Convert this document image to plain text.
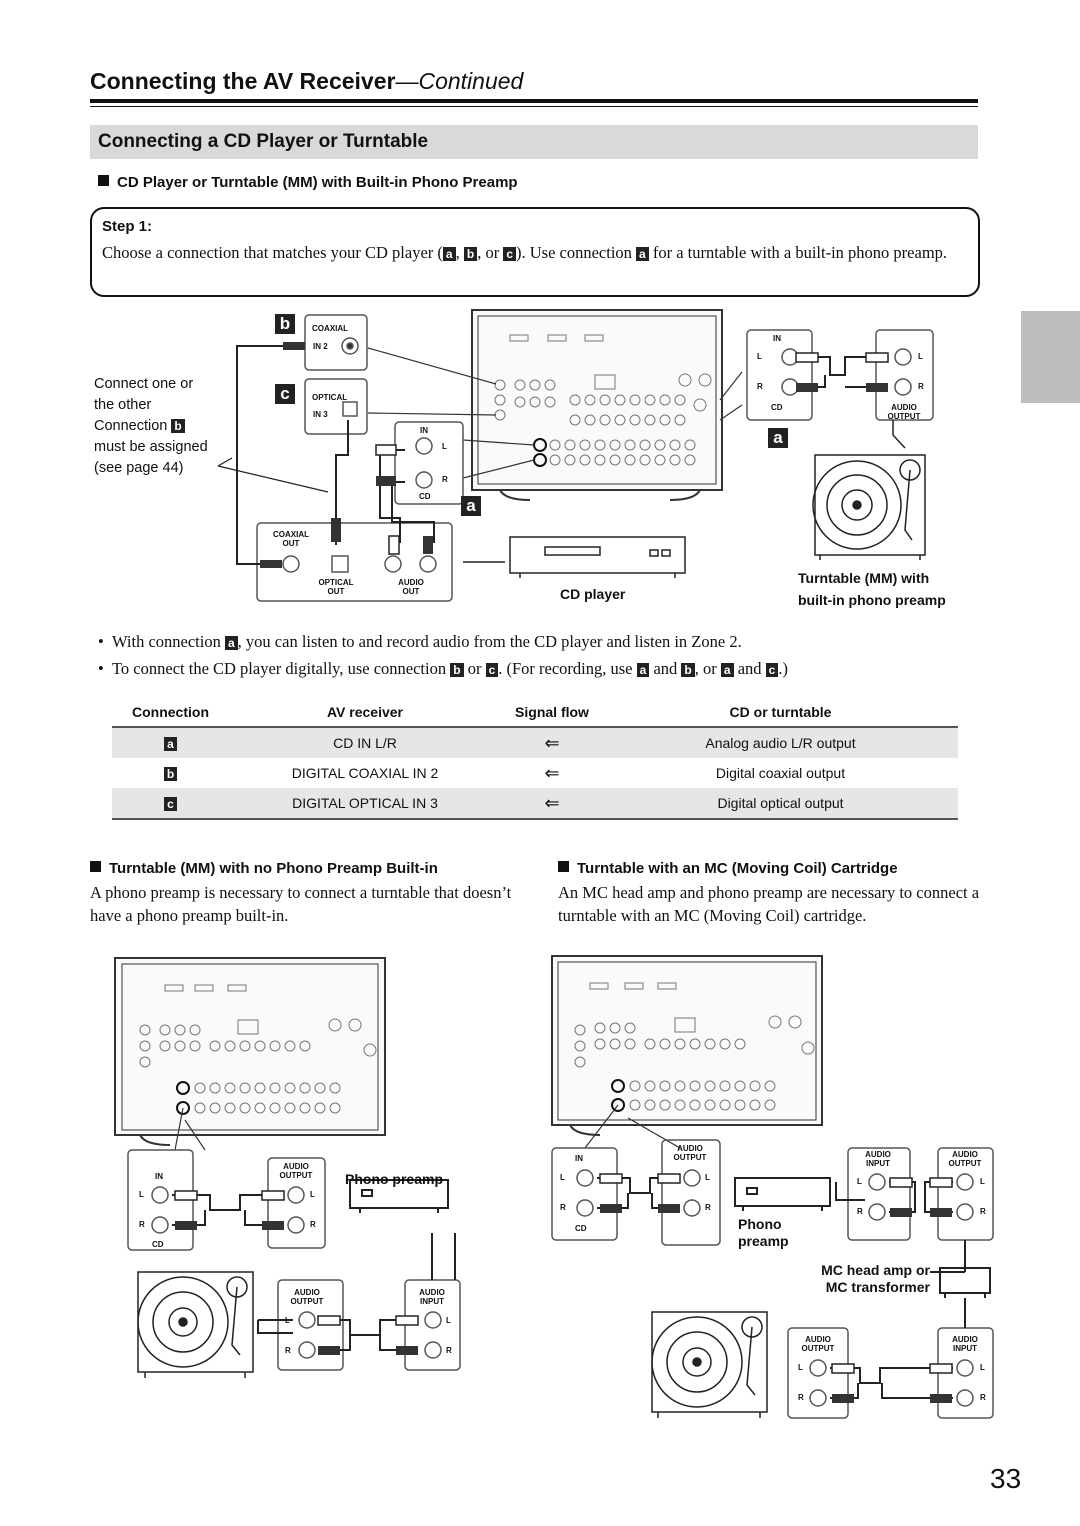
Connecting the AV Receiver—Continued
Connecting a CD Player or Turntable
CD Player or Turntable (MM) with Built-in Phono Preamp
Step 1:
Choose a connection that matches your CD player ( a , b , or c ). Use connection a for a turntable with a built-in phono preamp.
b
c
a
a
COAXIAL
IN 2
OPTICAL
IN 3
IN
L
R
CD
COAXIAL OUT
OPTICAL OUT
AUDIO OUT
IN
L
R
CD
L
R
AUDIO OUTPUT
Connect one or the other Connection b must be assigned (see page 44)
CD player
Turntable (MM) with
built-in phono preamp
• With connection a , you can listen to and record audio from the CD player and listen in Zone 2.
• To connect the CD player digitally, use connection b or c . (For recording, use a and b , or a and c .)
Connection	AV receiver	Signal flow	CD or turntable
a	CD IN L/R	⇐	Analog audio L/R output
b	DIGITAL COAXIAL IN 2	⇐	Digital coaxial output
c	DIGITAL OPTICAL IN 3	⇐	Digital optical output
Turntable (MM) with no Phono Preamp Built-in
A phono preamp is necessary to connect a turntable that doesn’t have a phono preamp built-in.
Turntable with an MC (Moving Coil) Cartridge
An MC head amp and phono preamp are necessary to connect a turntable with an MC (Moving Coil) cartridge.
IN
L
R
CD
AUDIO OUTPUT
L
R
AUDIO OUTPUT
L
R
AUDIO INPUT
L
R
Phono preamp
IN
L
R
CD
AUDIO OUTPUT
L
R
AUDIO INPUT
L
R
AUDIO OUTPUT
L
R
AUDIO OUTPUT
L
R
AUDIO INPUT
L
R
Phono
preamp
MC head amp or
MC transformer
33
